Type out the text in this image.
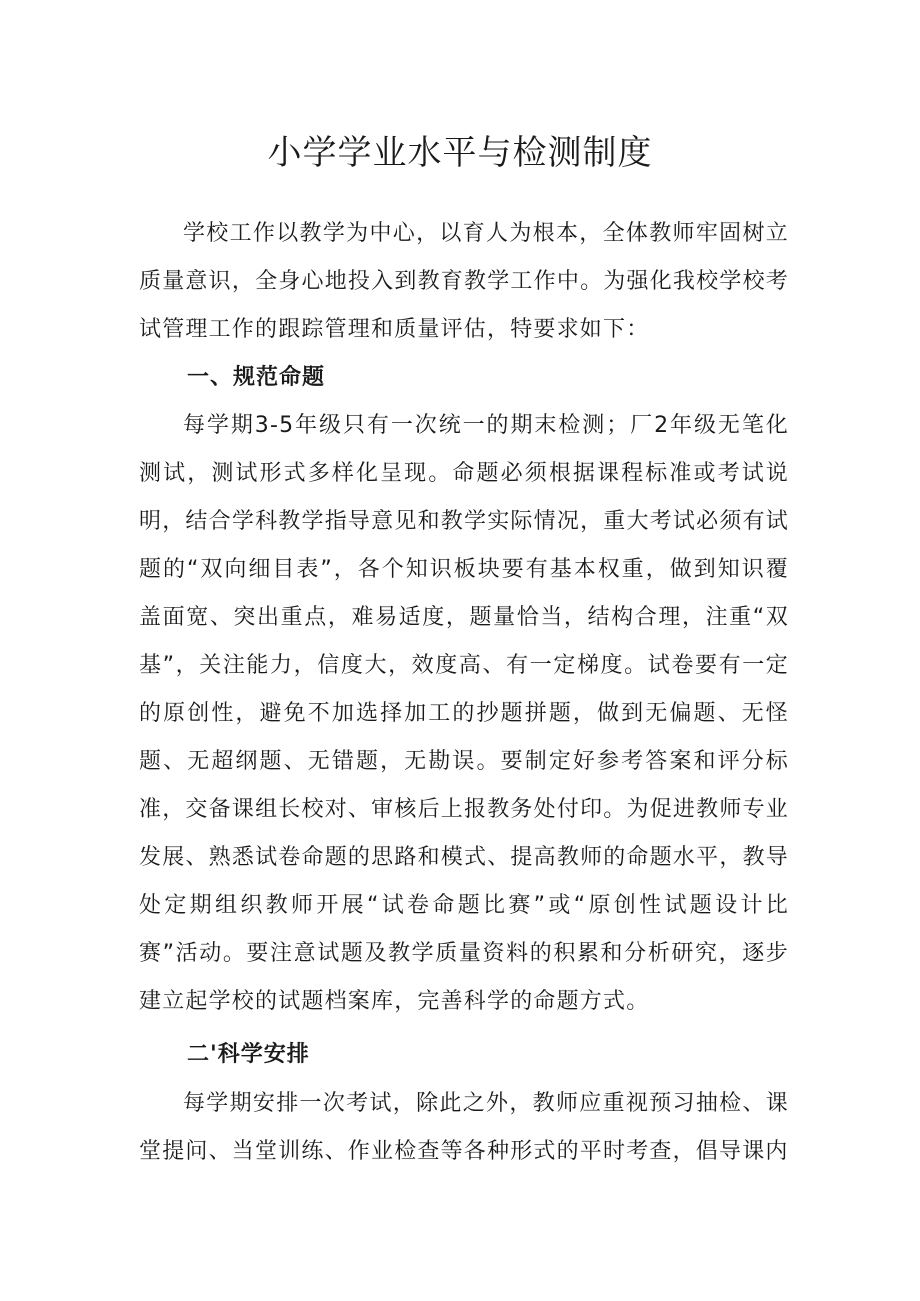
小学学业水平与检测制度

学校工作以教学为中心，以育人为根本，全体教师牢固树立质量意识，全身心地投入到教育教学工作中。为强化我校学校考试管理工作的跟踪管理和质量评估，特要求如下：

一、规范命题

每学期3-5年级只有一次统一的期末检测；厂2年级无笔化测试，测试形式多样化呈现。命题必须根据课程标准或考试说明，结合学科教学指导意见和教学实际情况，重大考试必须有试题的“双向细目表”，各个知识板块要有基本权重，做到知识覆盖面宽、突出重点，难易适度，题量恰当，结构合理，注重“双基”，关注能力，信度大，效度高、有一定梯度。试卷要有一定的原创性，避免不加选择加工的抄题拼题，做到无偏题、无怪题、无超纲题、无错题，无勘误。要制定好参考答案和评分标准，交备课组长校对、审核后上报教务处付印。为促进教师专业发展、熟悉试卷命题的思路和模式、提高教师的命题水平，教导处定期组织教师开展“试卷命题比赛”或“原创性试题设计比赛”活动。要注意试题及教学质量资料的积累和分析研究，逐步建立起学校的试题档案库，完善科学的命题方式。

二'科学安排

每学期安排一次考试，除此之外，教师应重视预习抽检、课堂提问、当堂训练、作业检查等各种形式的平时考查，倡导课内
